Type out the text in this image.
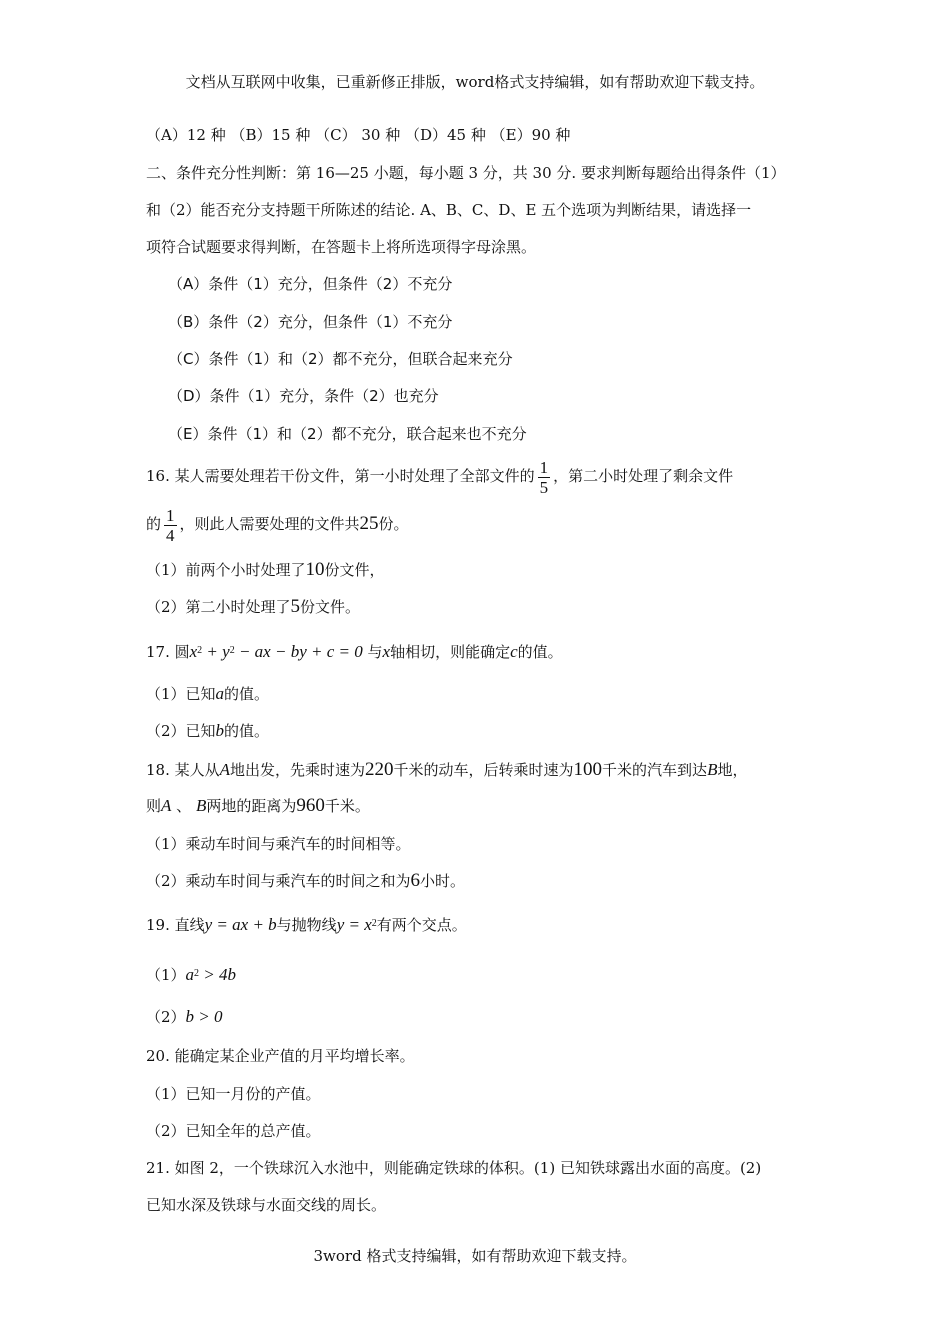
文档从互联网中收集，已重新修正排版，word格式支持编辑，如有帮助欢迎下载支持。
（A）12 种 （B）15 种 （C） 30 种 （D）45 种 （E）90 种
二、条件充分性判断：第 16—25 小题，每小题 3 分，共 30 分. 要求判断每题给出得条件（1）
和（2）能否充分支持题干所陈述的结论. A、B、C、D、E 五个选项为判断结果，请选择一
项符合试题要求得判断，在答题卡上将所选项得字母涂黑。
（A）条件（1）充分，但条件（2）不充分
（B）条件（2）充分，但条件（1）不充分
（C）条件（1）和（2）都不充分，但联合起来充分
（D）条件（1）充分，条件（2）也充分
（E）条件（1）和（2）都不充分，联合起来也不充分
16. 某人需要处理若干份文件，第一小时处理了全部文件的 $\frac{1}{5}$ ，第二小时处理了剩余文件
的 $\frac{1}{4}$ ，则此人需要处理的文件共25份。
（1）前两个小时处理了10份文件，
（2）第二小时处理了5份文件。
17. 圆$x^2 + y^2$ − ax − by + c = 0 与x轴相切，则能确定c的值。
（1）已知a的值。
（2）已知b的值。
18. 某人从A地出发，先乘时速为220千米的动车，后转乘时速为100千米的汽车到达B地，
则A 、 B两地的距离为960千米。
（1）乘动车时间与乘汽车的时间相等。
（2）乘动车时间与乘汽车的时间之和为6小时。
19. 直线y = ax + b与抛物线$y = x^2$有两个交点。
$(1)a^2 > 4b$
（2）b > 0
20. 能确定某企业产值的月平均增长率。
（1）已知一月份的产值。
（2）已知全年的总产值。
21. 如图 2，一个铁球沉入水池中，则能确定铁球的体积。(1) 已知铁球露出水面的高度。(2)
已知水深及铁球与水面交线的周长。
3word 格式支持编辑，如有帮助欢迎下载支持。
